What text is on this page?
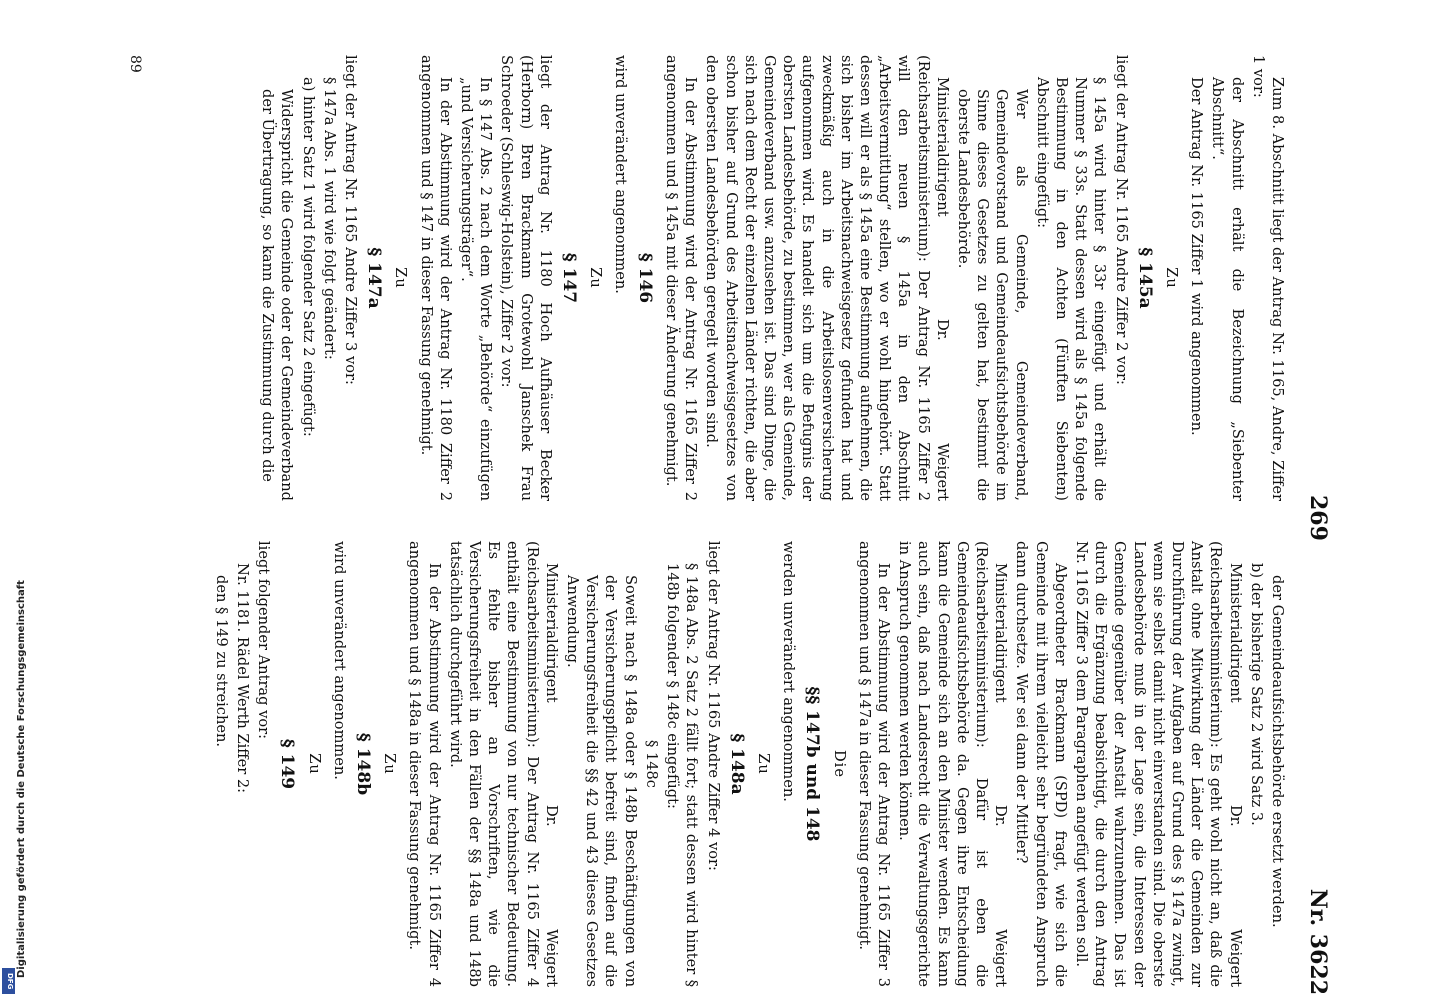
Digitalisierung gefördert durch die Deutsche Forschungsgemeinschaft
DFG
269
Nr. 3622

Zum 8. Abschnitt liegt der Antrag Nr. 1165, Andre, Ziffer 1 vor:

der Abschnitt erhält die Bezeichnung „Siebenter Abschnitt“.

Der Antrag Nr. 1165 Ziffer 1 wird angenommen.

Zu
§ 145a

liegt der Antrag Nr. 1165 Andre Ziffer 2 vor:

§ 145a wird hinter § 33r eingefügt und erhält die Nummer § 33s. Statt dessen wird als § 145a folgende Bestimmung in den Achten (Fünften Siebenten) Abschnitt eingefügt:

Wer als Gemeinde, Gemeindeverband, Gemeindevorstand und Gemeindeaufsichtsbehörde im Sinne dieses Gesetzes zu gelten hat, bestimmt die oberste Landesbehörde.

Ministerialdirigent Dr. Weigert (Reichsarbeitsministerium): Der Antrag Nr. 1165 Ziffer 2 will den neuen § 145a in den Abschnitt „Arbeitsvermittlung“ stellen, wo er wohl hingehört. Statt dessen will er als § 145a eine Bestimmung aufnehmen, die sich bisher im Arbeitsnachweisgesetz gefunden hat und zweckmäßig auch in die Arbeitslosenversicherung aufgenommen wird. Es handelt sich um die Befugnis der obersten Landesbehörde, zu bestimmen, wer als Gemeinde, Gemeindeverband usw. anzusehen ist. Das sind Dinge, die sich nach dem Recht der einzelnen Länder richten, die aber schon bisher auf Grund des Arbeitsnachweisgesetzes von den obersten Landesbehörden geregelt worden sind.

In der Abstimmung wird der Antrag Nr. 1165 Ziffer 2 angenommen und § 145a mit dieser Änderung genehmigt.

§ 146

wird unverändert angenommen.

Zu
§ 147

liegt der Antrag Nr. 1180 Hoch Aufhäuser Becker (Herborn) Bren Brackmann Grotewohl Janschek Frau Schroeder (Schleswig-Holstein), Ziffer 2 vor:

In § 147 Abs. 2 nach dem Worte „Behörde“ einzufügen „und Versicherungsträger“.

In der Abstimmung wird der Antrag Nr. 1180 Ziffer 2 angenommen und § 147 in dieser Fassung genehmigt.

Zu
§ 147a

liegt der Antrag Nr. 1165 Andre Ziffer 3 vor:

§ 147a Abs. 1 wird wie folgt geändert:

a) hinter Satz 1 wird folgender Satz 2 eingefügt:

Widerspricht die Gemeinde oder der Gemeindeverband der Übertragung, so kann die Zustimmung durch die

der Gemeindeaufsichtsbehörde ersetzt werden.

b) der bisherige Satz 2 wird Satz 3.

Ministerialdirigent Dr. Weigert (Reichsarbeitsministerium): Es geht wohl nicht an, daß die Anstalt ohne Mitwirkung der Länder die Gemeinden zur Durchführung der Aufgaben auf Grund des § 147a zwingt, wenn sie selbst damit nicht einverstanden sind. Die oberste Landesbehörde muß in der Lage sein, die Interessen der Gemeinde gegenüber der Anstalt wahrzunehmen. Das ist durch die Ergänzung beabsichtigt, die durch den Antrag Nr. 1165 Ziffer 3 dem Paragraphen angefügt werden soll.

Abgeordneter Brackmann (SPD) fragt, wie sich die Gemeinde mit ihrem vielleicht sehr begründeten Anspruch dann durchsetze. Wer sei dann der Mittler?

Ministerialdirigent Dr. Weigert (Reichsarbeitsministerium): Dafür ist eben die Gemeindeaufsichtsbehörde da. Gegen ihre Entscheidung kann die Gemeinde sich an den Minister wenden. Es kann auch sein, daß nach Landesrecht die Verwaltungsgerichte in Anspruch genommen werden können.

In der Abstimmung wird der Antrag Nr. 1165 Ziffer 3 angenommen und § 147a in dieser Fassung genehmigt.

Die
§§ 147b und 148

werden unverändert angenommen.

Zu
§ 148a

liegt der Antrag Nr. 1165 Andre Ziffer 4 vor:

§ 148a Abs. 2 Satz 2 fällt fort; statt dessen wird hinter § 148b folgender § 148c eingefügt:

§ 148c

Soweit nach § 148a oder § 148b Beschäftigungen von der Versicherungspflicht befreit sind, finden auf die Versicherungsfreiheit die §§ 42 und 43 dieses Gesetzes Anwendung.

Ministerialdirigent Dr. Weigert (Reichsarbeitsministerium): Der Antrag Nr. 1165 Ziffer 4 enthält eine Bestimmung von nur technischer Bedeutung. Es fehlte bisher an Vorschriften, wie die Versicherungsfreiheit in den Fällen der §§ 148a und 148b tatsächlich durchgeführt wird.

In der Abstimmung wird der Antrag Nr. 1165 Ziffer 4 angenommen und § 148a in dieser Fassung genehmigt.

Zu
§ 148b

wird unverändert angenommen.

Zu
§ 149

liegt folgender Antrag vor:

Nr. 1181. Rädel Werth Ziffer 2:

den § 149 zu streichen.

89
